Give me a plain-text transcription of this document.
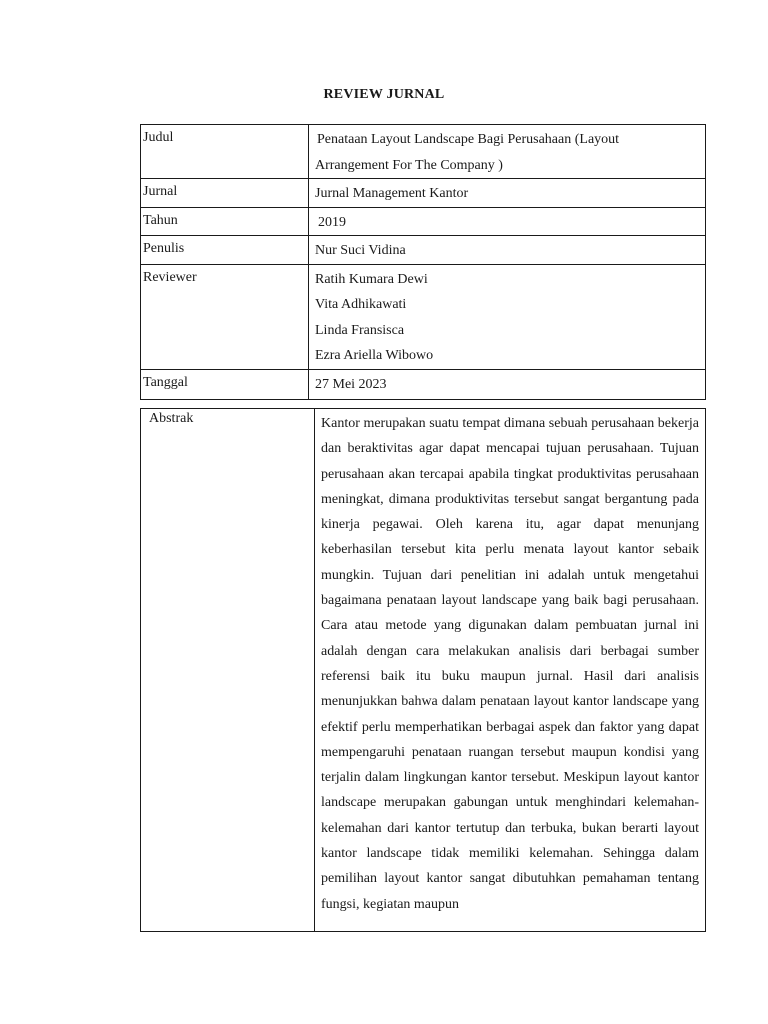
REVIEW JURNAL
Judul	Penataan Layout Landscape Bagi Perusahaan (Layout
Arrangement For The Company )

Jurnal	Jurnal Management Kantor
Tahun	2019
Penulis	Nur Suci Vidina
Reviewer	Ratih Kumara Dewi
Vita Adhikawati
Linda Fransisca
Ezra Ariella Wibowo

Tanggal	27 Mei 2023
Abstrak	Kantor merupakan suatu tempat dimana sebuah perusahaan bekerja dan beraktivitas agar dapat mencapai tujuan perusahaan. Tujuan perusahaan akan tercapai apabila tingkat produktivitas perusahaan meningkat, dimana produktivitas tersebut sangat bergantung pada kinerja pegawai. Oleh karena itu, agar dapat menunjang keberhasilan tersebut kita perlu menata layout kantor sebaik mungkin. Tujuan dari penelitian ini adalah untuk mengetahui bagaimana penataan layout landscape yang baik bagi perusahaan. Cara atau metode yang digunakan dalam pembuatan jurnal ini adalah dengan cara melakukan analisis dari berbagai sumber referensi baik itu buku maupun jurnal. Hasil dari analisis menunjukkan bahwa dalam penataan layout kantor landscape yang efektif perlu memperhatikan berbagai aspek dan faktor yang dapat mempengaruhi penataan ruangan tersebut maupun kondisi yang terjalin dalam lingkungan kantor tersebut. Meskipun layout kantor landscape merupakan gabungan untuk menghindari kelemahan-kelemahan dari kantor tertutup dan terbuka, bukan berarti layout kantor landscape tidak memiliki kelemahan. Sehingga dalam pemilihan layout kantor sangat dibutuhkan pemahaman tentang fungsi, kegiatan maupun
